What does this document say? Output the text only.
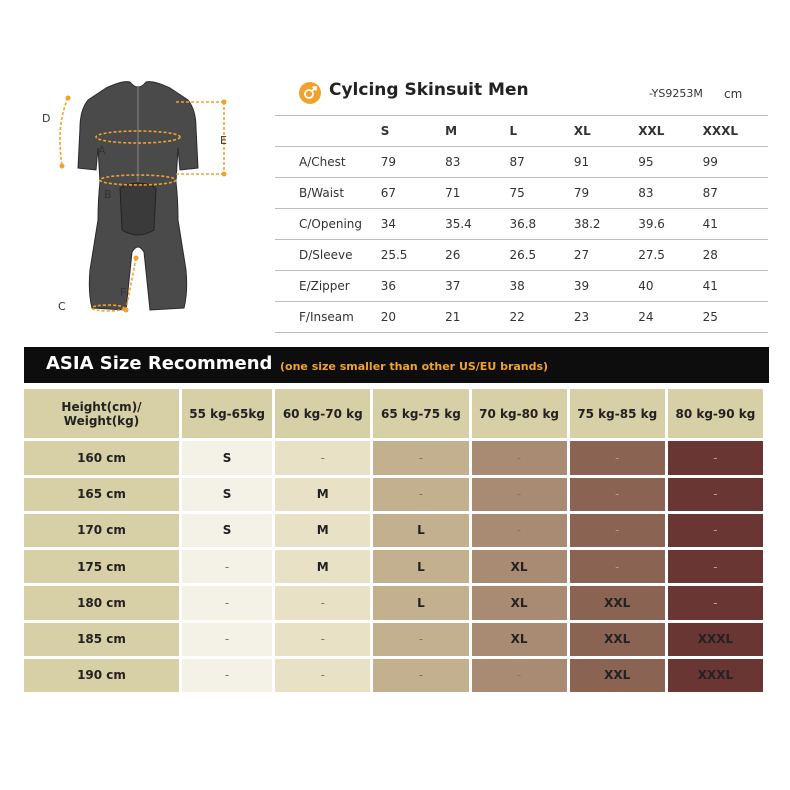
A
B
C
D
E
F
Cylcing Skinsuit Men	-YS9253M cm
	S	M	L	XL	XXL	XXXL
A/Chest	79	83	87	91	95	99
B/Waist	67	71	75	79	83	87
C/Opening	34	35.4	36.8	38.2	39.6	41
D/Sleeve	25.5	26	26.5	27	27.5	28
E/Zipper	36	37	38	39	40	41
F/Inseam	20	21	22	23	24	25
ASIA Size Recommend (one size smaller than other US/EU brands)
Height(cm)/ Weight(kg)	55 kg-65kg	60 kg-70 kg	65 kg-75 kg	70 kg-80 kg	75 kg-85 kg	80 kg-90 kg
160 cm	S	-	-	-	-	-
165 cm	S	M	-	-	-	-
170 cm	S	M	L	-	-	-
175 cm	-	M	L	XL	-	-
180 cm	-	-	L	XL	XXL	-
185 cm	-	-	-	XL	XXL	XXXL
190 cm	-	-	-	-	XXL	XXXL
